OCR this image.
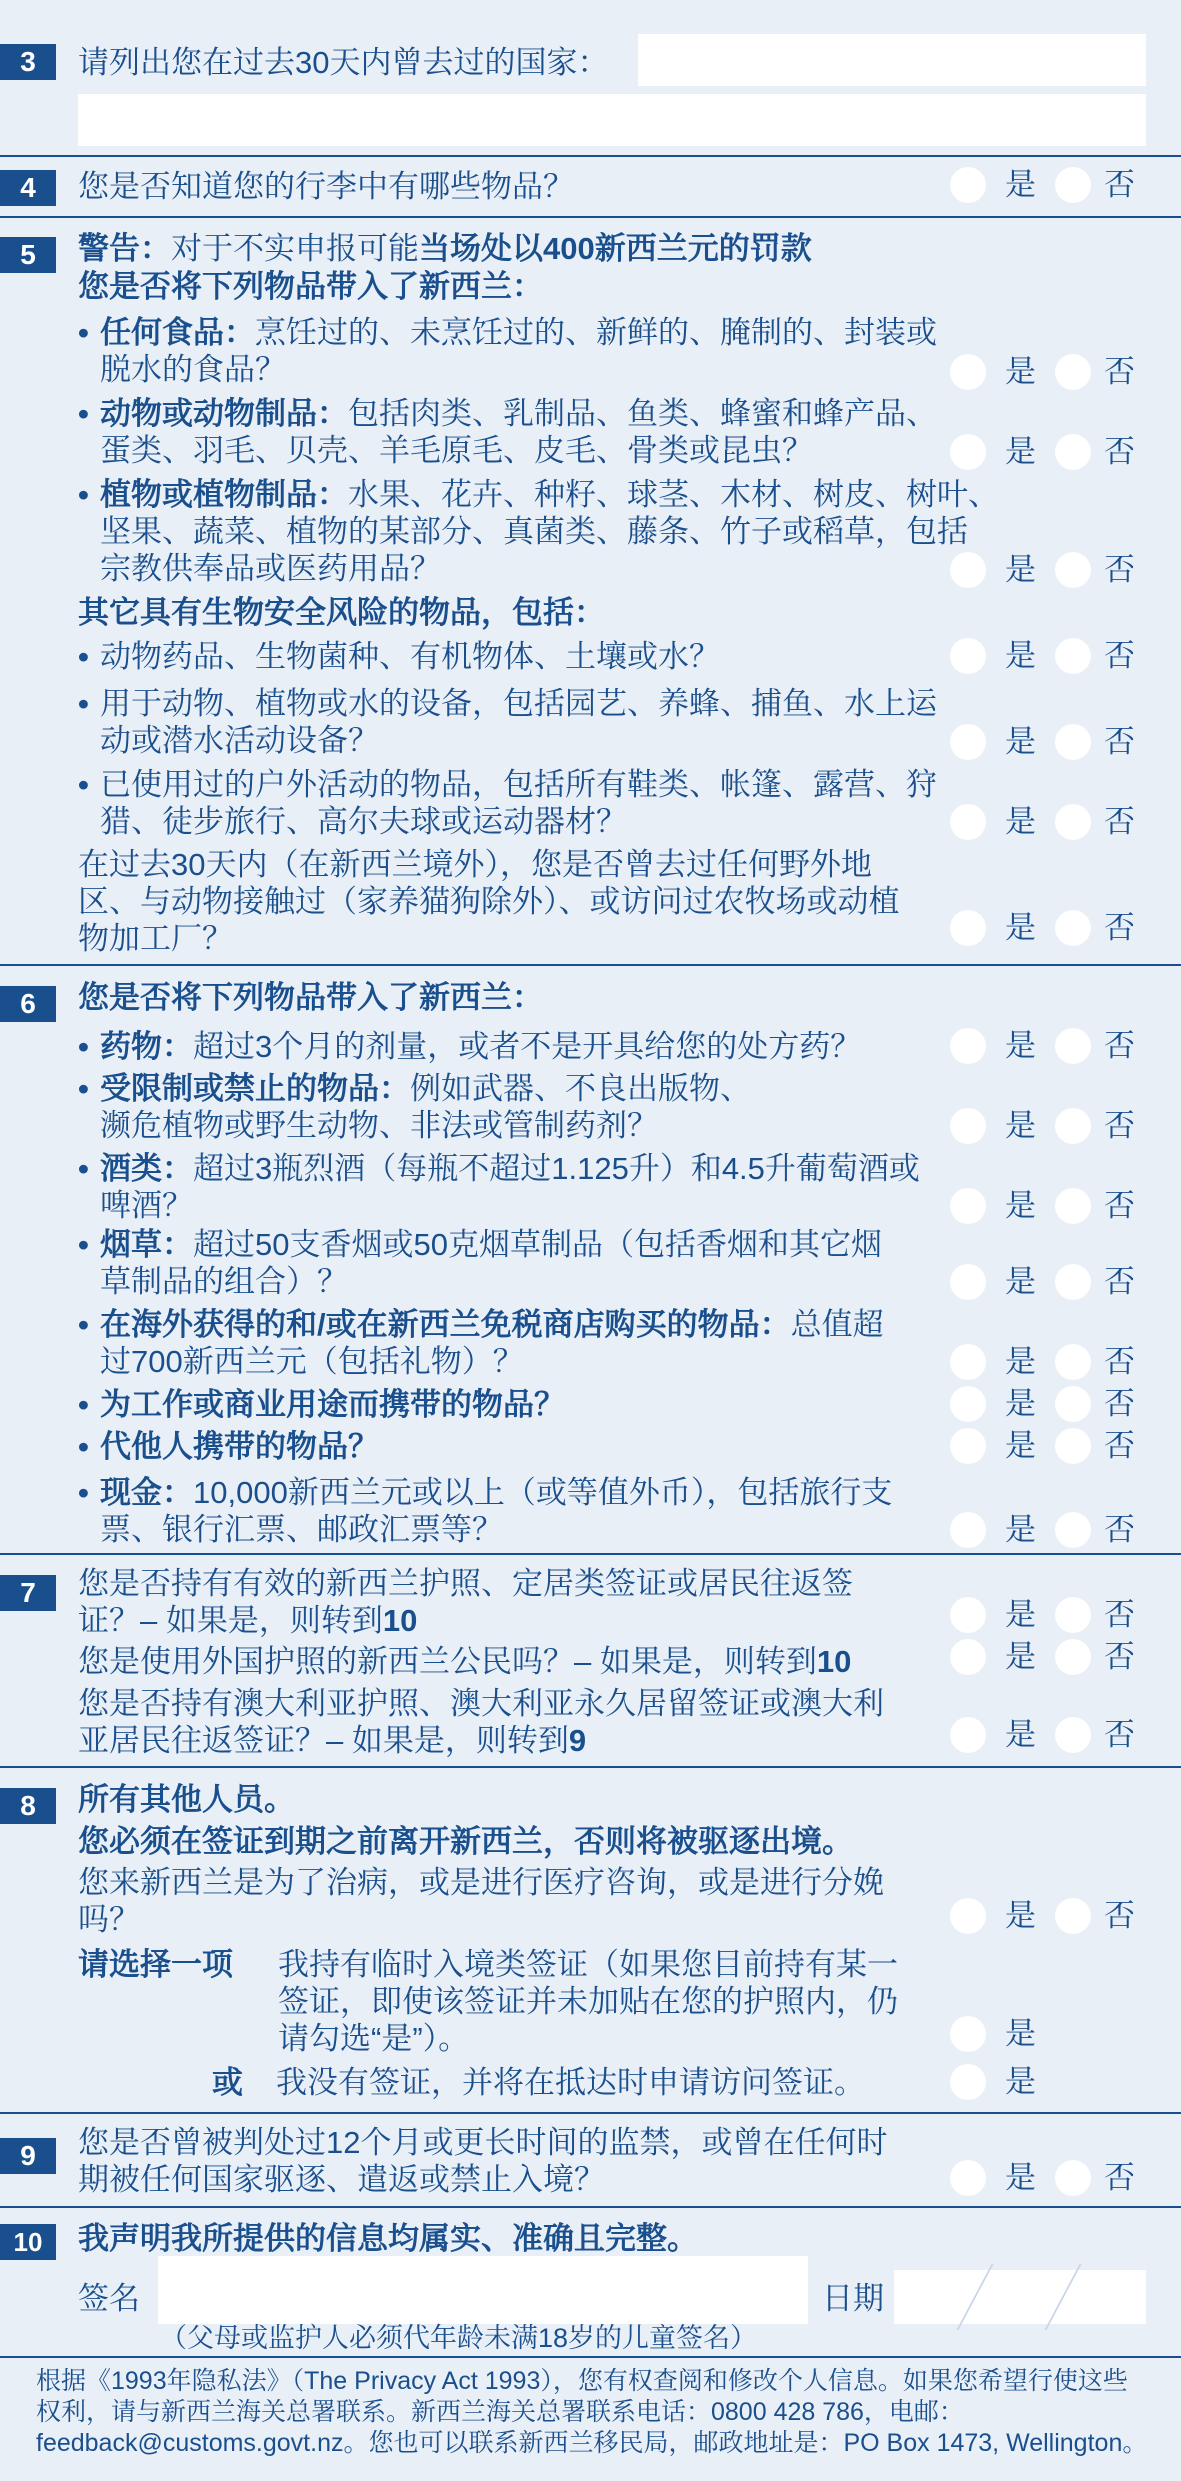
3	请列出您在过去30天内曾去过的国家：
4	您是否知道您的行李中有哪些物品？	是 否
5	警告：对于不实申报可能当场处以400新西兰元的罚款
您是否将下列物品带入了新西兰：
• 任何食品：烹饪过的、未烹饪过的、新鲜的、腌制的、封装或
脱水的食品？	是 否
• 动物或动物制品：包括肉类、乳制品、鱼类、蜂蜜和蜂产品、
蛋类、羽毛、贝壳、羊毛原毛、皮毛、骨类或昆虫？	是 否
• 植物或植物制品：水果、花卉、种籽、球茎、木材、树皮、树叶、
坚果、蔬菜、植物的某部分、真菌类、藤条、竹子或稻草，包括
宗教供奉品或医药用品？	是 否
其它具有生物安全风险的物品，包括：
• 动物药品、生物菌种、有机物体、土壤或水？	是 否
• 用于动物、植物或水的设备，包括园艺、养蜂、捕鱼、水上运
动或潜水活动设备？	是 否
• 已使用过的户外活动的物品，包括所有鞋类、帐篷、露营、狩
猎、徒步旅行、高尔夫球或运动器材？	是 否
在过去30天内（在新西兰境外），您是否曾去过任何野外地
区、与动物接触过（家养猫狗除外）、或访问过农牧场或动植
物加工厂？	是 否
6	您是否将下列物品带入了新西兰：
• 药物：超过3个月的剂量，或者不是开具给您的处方药？	是 否
• 受限制或禁止的物品：例如武器、不良出版物、
濒危植物或野生动物、非法或管制药剂？	是 否
• 酒类：超过3瓶烈酒（每瓶不超过1.125升）和4.5升葡萄酒或
啤酒？	是 否
• 烟草：超过50支香烟或50克烟草制品（包括香烟和其它烟
草制品的组合）？	是 否
• 在海外获得的和/或在新西兰免税商店购买的物品：总值超
过700新西兰元（包括礼物）？	是 否
• 为工作或商业用途而携带的物品？	是 否
• 代他人携带的物品？	是 否
• 现金：10,000新西兰元或以上（或等值外币），包括旅行支
票、银行汇票、邮政汇票等？	是 否
7	您是否持有有效的新西兰护照、定居类签证或居民往返签
证？– 如果是，则转到10	是 否
您是使用外国护照的新西兰公民吗？– 如果是，则转到10	是 否
您是否持有澳大利亚护照、澳大利亚永久居留签证或澳大利
亚居民往返签证？– 如果是，则转到9	是 否
8	所有其他人员。
您必须在签证到期之前离开新西兰，否则将被驱逐出境。
您来新西兰是为了治病，或是进行医疗咨询，或是进行分娩
吗？	是 否
请选择一项	我持有临时入境类签证（如果您目前持有某一
签证，即使该签证并未加贴在您的护照内，仍
请勾选“是”）。	是
或	我没有签证，并将在抵达时申请访问签证。	是
9	您是否曾被判处过12个月或更长时间的监禁，或曾在任何时
期被任何国家驱逐、遣返或禁止入境？	是 否
10	我声明我所提供的信息均属实、准确且完整。
签名	日期
（父母或监护人必须代年龄未满18岁的儿童签名）
根据《1993年隐私法》（The Privacy Act 1993），您有权查阅和修改个人信息。如果您希望行使这些
权利，请与新西兰海关总署联系。新西兰海关总署联系电话：0800 428 786，电邮：
feedback@customs.govt.nz。您也可以联系新西兰移民局，邮政地址是：PO Box 1473, Wellington。
